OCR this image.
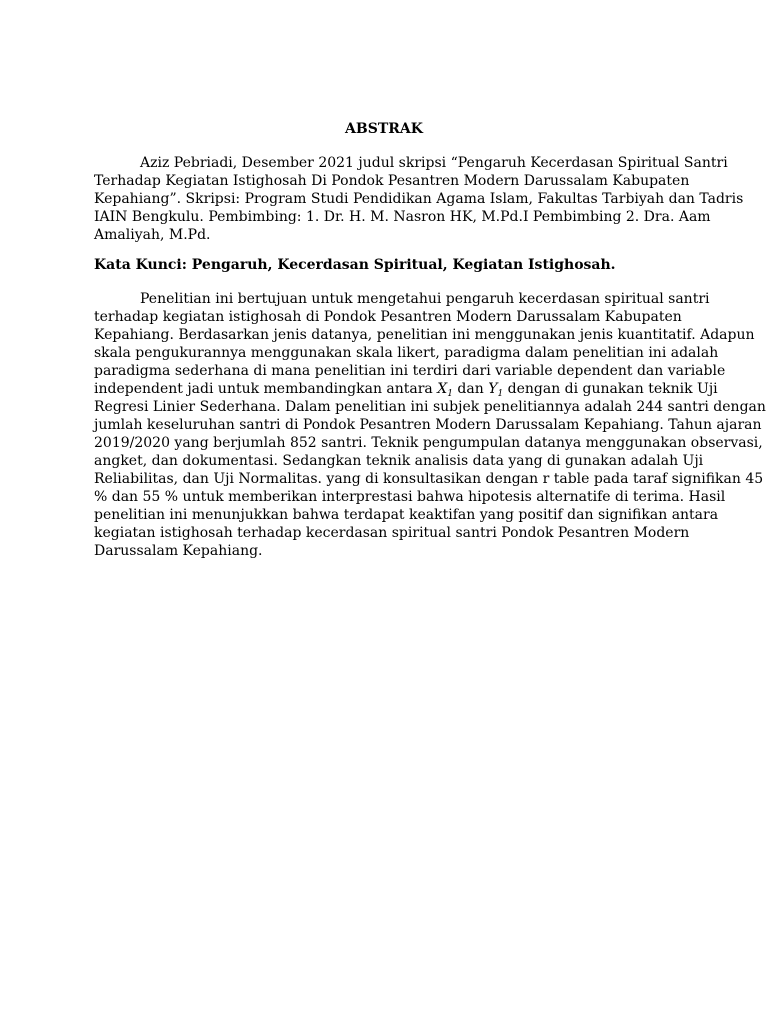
ABSTRAK
Aziz Pebriadi, Desember 2021 judul skripsi “Pengaruh Kecerdasan Spiritual Santri
Terhadap Kegiatan Istighosah Di Pondok Pesantren Modern Darussalam Kabupaten
Kepahiang”. Skripsi: Program Studi Pendidikan Agama Islam, Fakultas Tarbiyah dan Tadris
IAIN Bengkulu. Pembimbing: 1. Dr. H. M. Nasron HK, M.Pd.I Pembimbing 2. Dra. Aam
Amaliyah, M.Pd.
Kata Kunci: Pengaruh, Kecerdasan Spiritual, Kegiatan Istighosah.
Penelitian ini bertujuan untuk mengetahui pengaruh kecerdasan spiritual santri
terhadap kegiatan istighosah di Pondok Pesantren Modern Darussalam Kabupaten
Kepahiang. Berdasarkan jenis datanya, penelitian ini menggunakan jenis kuantitatif. Adapun
skala pengukurannya menggunakan skala likert, paradigma dalam penelitian ini adalah
paradigma sederhana di mana penelitian ini terdiri dari variable dependent dan variable
independent jadi untuk membandingkan antara $X_1$ dan $Y_1$ dengan di gunakan teknik Uji
Regresi Linier Sederhana. Dalam penelitian ini subjek penelitiannya adalah 244 santri dengan
jumlah keseluruhan santri di Pondok Pesantren Modern Darussalam Kepahiang. Tahun ajaran
2019/2020 yang berjumlah 852 santri. Teknik pengumpulan datanya menggunakan observasi,
angket, dan dokumentasi. Sedangkan teknik analisis data yang di gunakan adalah Uji
Reliabilitas, dan Uji Normalitas. yang di konsultasikan dengan r table pada taraf signifikan 45
% dan 55 % untuk memberikan interprestasi bahwa hipotesis alternatife di terima. Hasil
penelitian ini menunjukkan bahwa terdapat keaktifan yang positif dan signifikan antara
kegiatan istighosah terhadap kecerdasan spiritual santri Pondok Pesantren Modern
Darussalam Kepahiang.
